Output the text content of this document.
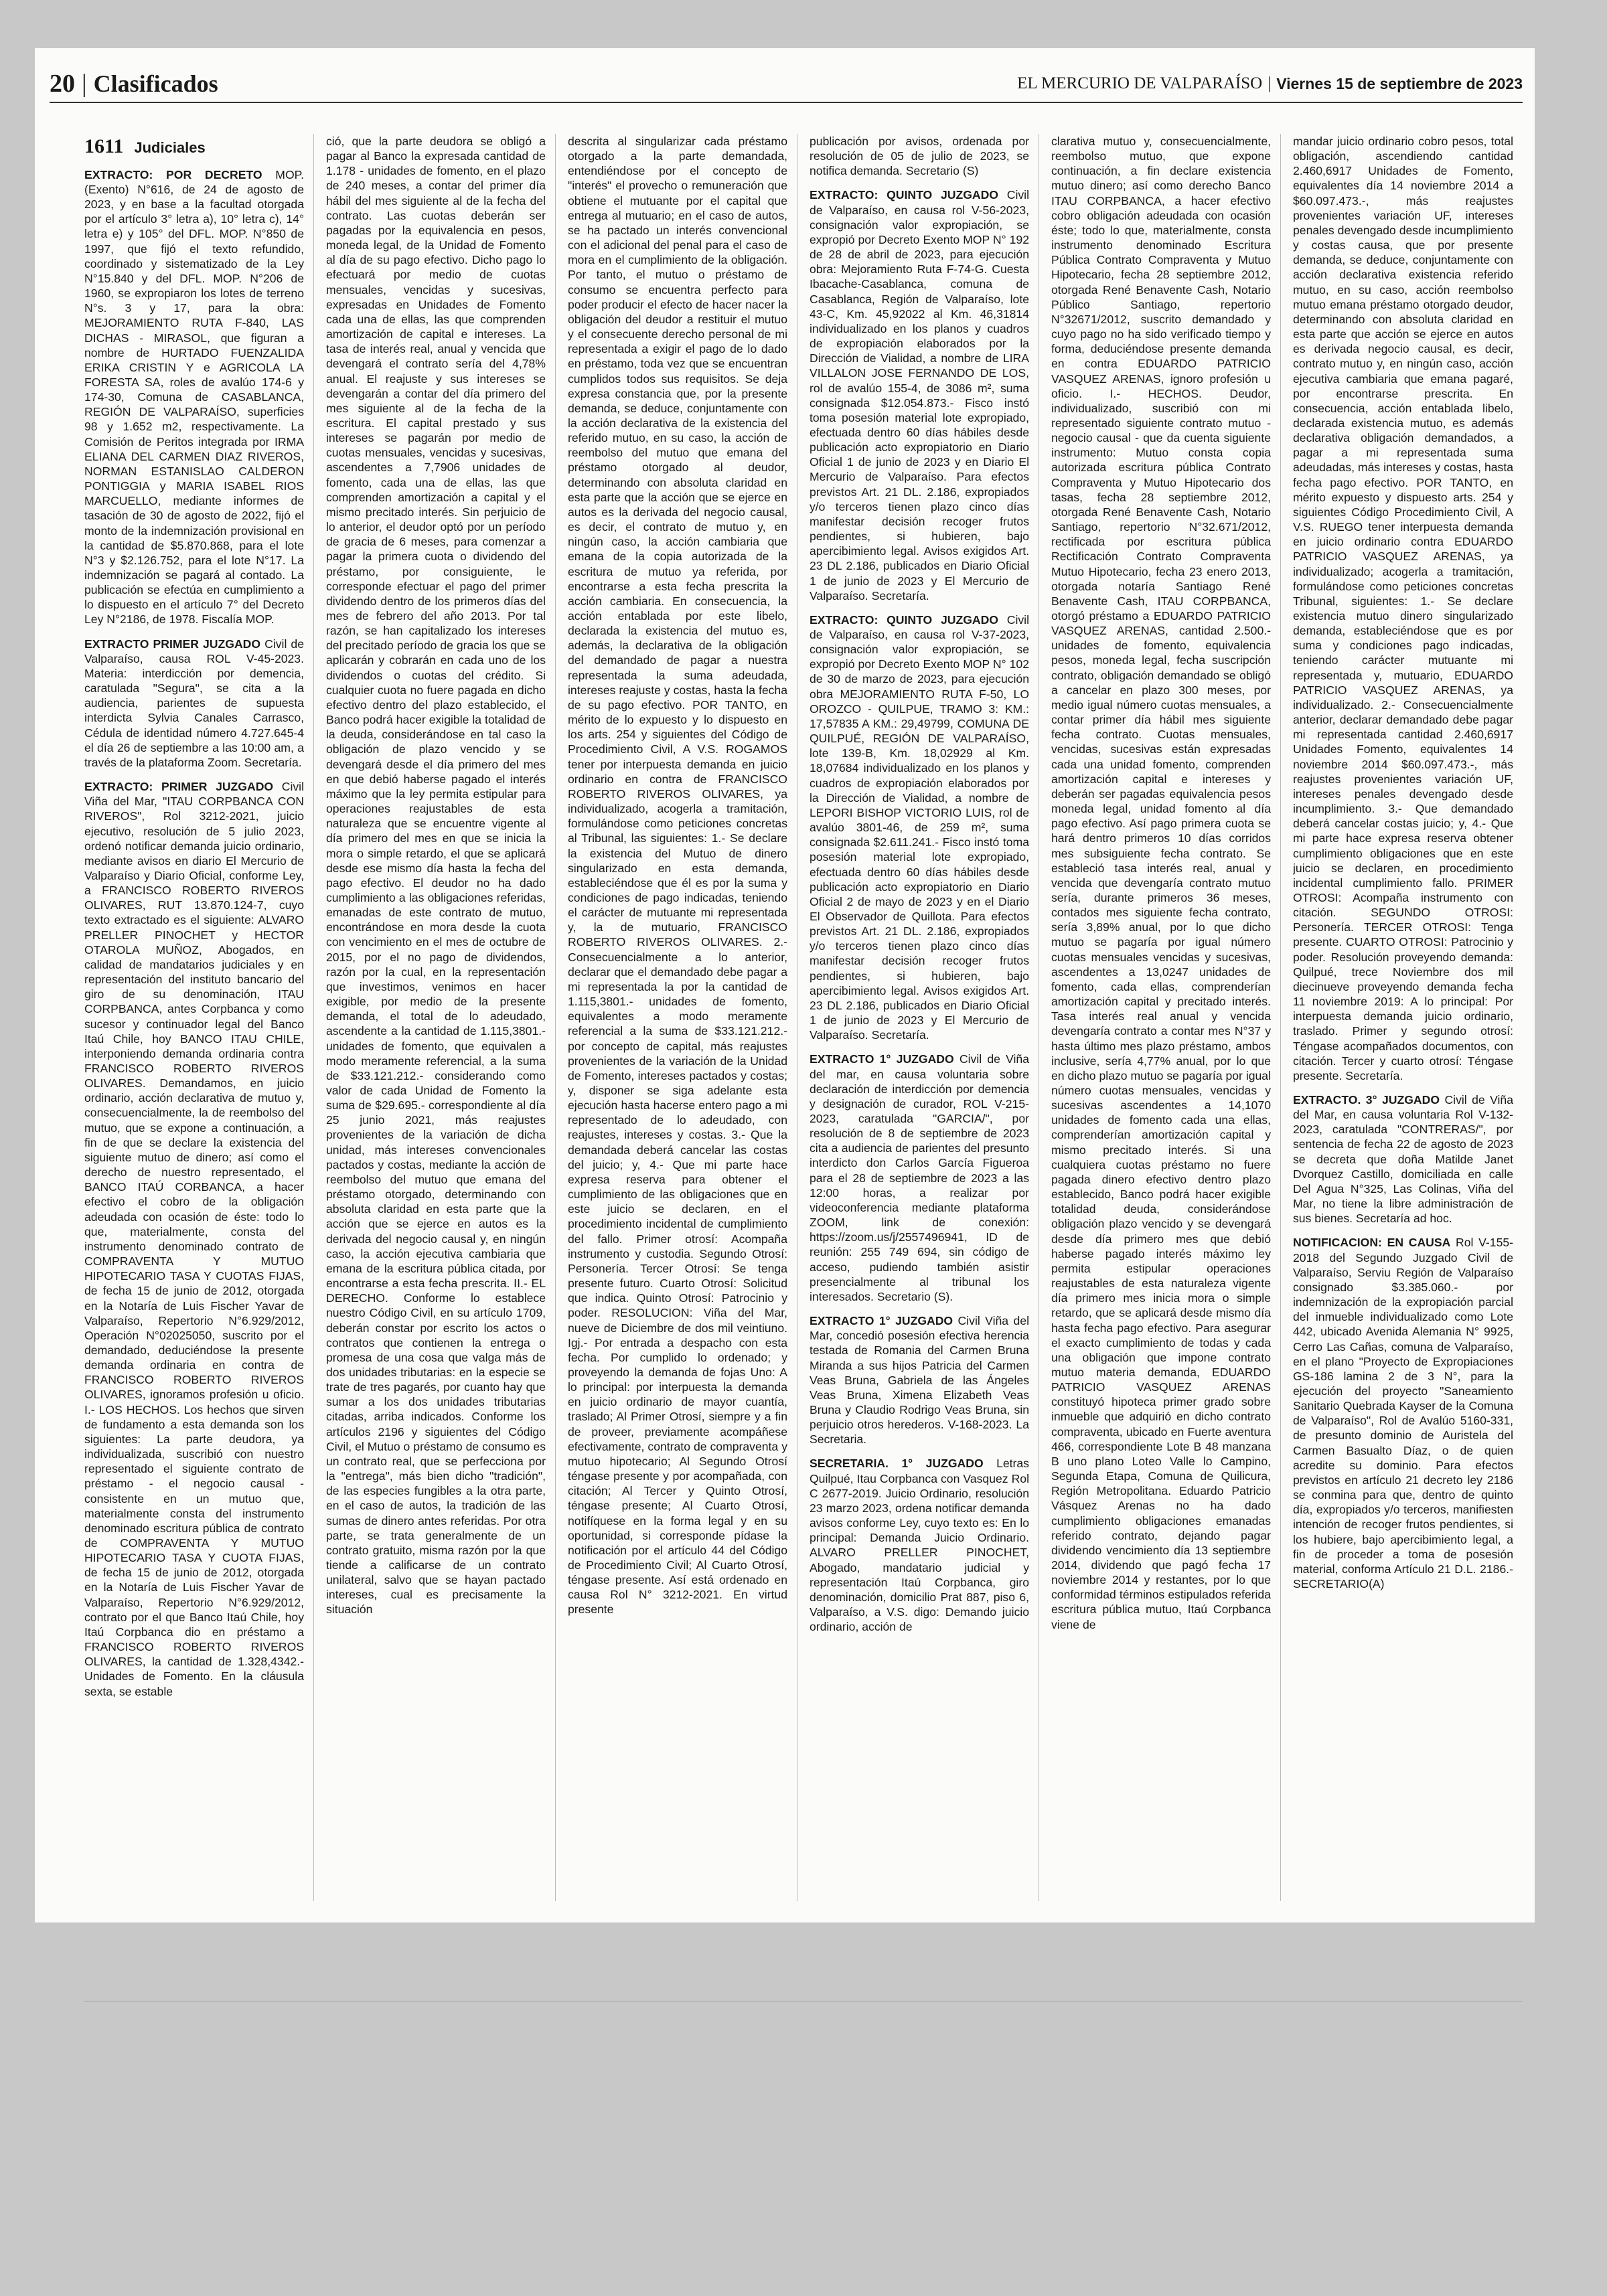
20 | Clasificados	EL MERCURIO DE VALPARAÍSO | Viernes 15 de septiembre de 2023
1611 Judiciales

EXTRACTO: POR DECRETO MOP. (Exento) N°616, de 24 de agosto de 2023, y en base a la facultad otorgada por el artículo 3° letra a), 10° letra c), 14° letra e) y 105° del DFL. MOP. N°850 de 1997, que fijó el texto refundido, coordinado y sistematizado de la Ley N°15.840 y del DFL. MOP. N°206 de 1960, se expropiaron los lotes de terreno N°s. 3 y 17, para la obra: MEJORAMIENTO RUTA F-840, LAS DICHAS - MIRASOL, que figuran a nombre de HURTADO FUENZALIDA ERIKA CRISTIN Y e AGRICOLA LA FORESTA SA, roles de avalúo 174-6 y 174-30, Comuna de CASABLANCA, REGIÓN DE VALPARAÍSO, superficies 98 y 1.652 m2, respectivamente. La Comisión de Peritos integrada por IRMA ELIANA DEL CARMEN DIAZ RIVEROS, NORMAN ESTANISLAO CALDERON PONTIGGIA y MARIA ISABEL RIOS MARCUELLO, mediante informes de tasación de 30 de agosto de 2022, fijó el monto de la indemnización provisional en la cantidad de $5.870.868, para el lote N°3 y $2.126.752, para el lote N°17. La indemnización se pagará al contado. La publicación se efectúa en cumplimiento a lo dispuesto en el artículo 7° del Decreto Ley N°2186, de 1978. Fiscalía MOP.

EXTRACTO PRIMER JUZGADO Civil de Valparaíso, causa ROL V-45-2023. Materia: interdicción por demencia, caratulada "Segura", se cita a la audiencia, parientes de supuesta interdicta Sylvia Canales Carrasco, Cédula de identidad número 4.727.645-4 el día 26 de septiembre a las 10:00 am, a través de la plataforma Zoom. Secretaría.

EXTRACTO: PRIMER JUZGADO Civil Viña del Mar, "ITAU CORPBANCA CON RIVEROS", Rol 3212-2021, juicio ejecutivo, resolución de 5 julio 2023, ordenó notificar demanda juicio ordinario, mediante avisos en diario El Mercurio de Valparaíso y Diario Oficial, conforme Ley, a FRANCISCO ROBERTO RIVEROS OLIVARES, RUT 13.870.124-7, cuyo texto extractado es el siguiente: ALVARO PRELLER PINOCHET y HECTOR OTAROLA MUÑOZ, Abogados, en calidad de mandatarios judiciales y en representación del instituto bancario del giro de su denominación, ITAU CORPBANCA, antes Corpbanca y como sucesor y continuador legal del Banco Itaú Chile, hoy BANCO ITAU CHILE, interponiendo demanda ordinaria contra FRANCISCO ROBERTO RIVEROS OLIVARES. Demandamos, en juicio ordinario, acción declarativa de mutuo y, consecuencialmente, la de reembolso del mutuo, que se expone a continuación, a fin de que se declare la existencia del siguiente mutuo de dinero; así como el derecho de nuestro representado, el BANCO ITAÚ CORBANCA, a hacer efectivo el cobro de la obligación adeudada con ocasión de éste: todo lo que, materialmente, consta del instrumento denominado contrato de COMPRAVENTA Y MUTUO HIPOTECARIO TASA Y CUOTAS FIJAS, de fecha 15 de junio de 2012, otorgada en la Notaría de Luis Fischer Yavar de Valparaíso, Repertorio N°6.929/2012, Operación N°02025050, suscrito por el demandado, deduciéndose la presente demanda ordinaria en contra de FRANCISCO ROBERTO RIVEROS OLIVARES, ignoramos profesión u oficio. I.- LOS HECHOS. Los hechos que sirven de fundamento a esta demanda son los siguientes: La parte deudora, ya individualizada, suscribió con nuestro representado el siguiente contrato de préstamo - el negocio causal - consistente en un mutuo que, materialmente consta del instrumento denominado escritura pública de contrato de COMPRAVENTA Y MUTUO HIPOTECARIO TASA Y CUOTA FIJAS, de fecha 15 de junio de 2012, otorgada en la Notaría de Luis Fischer Yavar de Valparaíso, Repertorio N°6.929/2012, contrato por el que Banco Itaú Chile, hoy Itaú Corpbanca dio en préstamo a FRANCISCO ROBERTO RIVEROS OLIVARES, la cantidad de 1.328,4342.- Unidades de Fomento. En la cláusula sexta, se estable

ció, que la parte deudora se obligó a pagar al Banco la expresada cantidad de 1.178 - unidades de fomento, en el plazo de 240 meses, a contar del primer día hábil del mes siguiente al de la fecha del contrato. Las cuotas deberán ser pagadas por la equivalencia en pesos, moneda legal, de la Unidad de Fomento al día de su pago efectivo. Dicho pago lo efectuará por medio de cuotas mensuales, vencidas y sucesivas, expresadas en Unidades de Fomento cada una de ellas, las que comprenden amortización de capital e intereses. La tasa de interés real, anual y vencida que devengará el contrato sería del 4,78% anual. El reajuste y sus intereses se devengarán a contar del día primero del mes siguiente al de la fecha de la escritura. El capital prestado y sus intereses se pagarán por medio de cuotas mensuales, vencidas y sucesivas, ascendentes a 7,7906 unidades de fomento, cada una de ellas, las que comprenden amortización a capital y el mismo precitado interés. Sin perjuicio de lo anterior, el deudor optó por un período de gracia de 6 meses, para comenzar a pagar la primera cuota o dividendo del préstamo, por consiguiente, le corresponde efectuar el pago del primer dividendo dentro de los primeros días del mes de febrero del año 2013. Por tal razón, se han capitalizado los intereses del precitado período de gracia los que se aplicarán y cobrarán en cada uno de los dividendos o cuotas del crédito. Si cualquier cuota no fuere pagada en dicho efectivo dentro del plazo establecido, el Banco podrá hacer exigible la totalidad de la deuda, considerándose en tal caso la obligación de plazo vencido y se devengará desde el día primero del mes en que debió haberse pagado el interés máximo que la ley permita estipular para operaciones reajustables de esta naturaleza que se encuentre vigente al día primero del mes en que se inicia la mora o simple retardo, el que se aplicará desde ese mismo día hasta la fecha del pago efectivo. El deudor no ha dado cumplimiento a las obligaciones referidas, emanadas de este contrato de mutuo, encontrándose en mora desde la cuota con vencimiento en el mes de octubre de 2015, por el no pago de dividendos, razón por la cual, en la representación que investimos, venimos en hacer exigible, por medio de la presente demanda, el total de lo adeudado, ascendente a la cantidad de 1.115,3801.- unidades de fomento, que equivalen a modo meramente referencial, a la suma de $33.121.212.- considerando como valor de cada Unidad de Fomento la suma de $29.695.- correspondiente al día 25 junio 2021, más reajustes provenientes de la variación de dicha unidad, más intereses convencionales pactados y costas, mediante la acción de reembolso del mutuo que emana del préstamo otorgado, determinando con absoluta claridad en esta parte que la acción que se ejerce en autos es la derivada del negocio causal y, en ningún caso, la acción ejecutiva cambiaria que emana de la escritura pública citada, por encontrarse a esta fecha prescrita. II.- EL DERECHO. Conforme lo establece nuestro Código Civil, en su artículo 1709, deberán constar por escrito los actos o contratos que contienen la entrega o promesa de una cosa que valga más de dos unidades tributarias: en la especie se trate de tres pagarés, por cuanto hay que sumar a los dos unidades tributarias citadas, arriba indicados. Conforme los artículos 2196 y siguientes del Código Civil, el Mutuo o préstamo de consumo es un contrato real, que se perfecciona por la "entrega", más bien dicho "tradición", de las especies fungibles a la otra parte, en el caso de autos, la tradición de las sumas de dinero antes referidas. Por otra parte, se trata generalmente de un contrato gratuito, misma razón por la que tiende a calificarse de un contrato unilateral, salvo que se hayan pactado intereses, cual es precisamente la situación

descrita al singularizar cada préstamo otorgado a la parte demandada, entendiéndose por el concepto de "interés" el provecho o remuneración que obtiene el mutuante por el capital que entrega al mutuario; en el caso de autos, se ha pactado un interés convencional con el adicional del penal para el caso de mora en el cumplimiento de la obligación. Por tanto, el mutuo o préstamo de consumo se encuentra perfecto para poder producir el efecto de hacer nacer la obligación del deudor a restituir el mutuo y el consecuente derecho personal de mi representada a exigir el pago de lo dado en préstamo, toda vez que se encuentran cumplidos todos sus requisitos. Se deja expresa constancia que, por la presente demanda, se deduce, conjuntamente con la acción declarativa de la existencia del referido mutuo, en su caso, la acción de reembolso del mutuo que emana del préstamo otorgado al deudor, determinando con absoluta claridad en esta parte que la acción que se ejerce en autos es la derivada del negocio causal, es decir, el contrato de mutuo y, en ningún caso, la acción cambiaria que emana de la copia autorizada de la escritura de mutuo ya referida, por encontrarse a esta fecha prescrita la acción cambiaria. En consecuencia, la acción entablada por este libelo, declarada la existencia del mutuo es, además, la declarativa de la obligación del demandado de pagar a nuestra representada la suma adeudada, intereses reajuste y costas, hasta la fecha de su pago efectivo. POR TANTO, en mérito de lo expuesto y lo dispuesto en los arts. 254 y siguientes del Código de Procedimiento Civil, A V.S. ROGAMOS tener por interpuesta demanda en juicio ordinario en contra de FRANCISCO ROBERTO RIVEROS OLIVARES, ya individualizado, acogerla a tramitación, formulándose como peticiones concretas al Tribunal, las siguientes: 1.- Se declare la existencia del Mutuo de dinero singularizado en esta demanda, estableciéndose que él es por la suma y condiciones de pago indicadas, teniendo el carácter de mutuante mi representada y, la de mutuario, FRANCISCO ROBERTO RIVEROS OLIVARES. 2.- Consecuencialmente a lo anterior, declarar que el demandado debe pagar a mi representada la por la cantidad de 1.115,3801.- unidades de fomento, equivalentes a modo meramente referencial a la suma de $33.121.212.- por concepto de capital, más reajustes provenientes de la variación de la Unidad de Fomento, intereses pactados y costas; y, disponer se siga adelante esta ejecución hasta hacerse entero pago a mi representado de lo adeudado, con reajustes, intereses y costas. 3.- Que la demandada deberá cancelar las costas del juicio; y, 4.- Que mi parte hace expresa reserva para obtener el cumplimiento de las obligaciones que en este juicio se declaren, en el procedimiento incidental de cumplimiento del fallo. Primer otrosí: Acompaña instrumento y custodia. Segundo Otrosí: Personería. Tercer Otrosí: Se tenga presente futuro. Cuarto Otrosí: Solicitud que indica. Quinto Otrosí: Patrocinio y poder. RESOLUCION: Viña del Mar, nueve de Diciembre de dos mil veintiuno. Igj.- Por entrada a despacho con esta fecha. Por cumplido lo ordenado; y proveyendo la demanda de fojas Uno: A lo principal: por interpuesta la demanda en juicio ordinario de mayor cuantía, traslado; Al Primer Otrosí, siempre y a fin de proveer, previamente acompáñese efectivamente, contrato de compraventa y mutuo hipotecario; Al Segundo Otrosí téngase presente y por acompañada, con citación; Al Tercer y Quinto Otrosí, téngase presente; Al Cuarto Otrosí, notifíquese en la forma legal y en su oportunidad, si corresponde pídase la notificación por el artículo 44 del Código de Procedimiento Civil; Al Cuarto Otrosí, téngase presente. Así está ordenado en causa Rol N° 3212-2021. En virtud presente

publicación por avisos, ordenada por resolución de 05 de julio de 2023, se notifica demanda. Secretario (S)

EXTRACTO: QUINTO JUZGADO Civil de Valparaíso, en causa rol V-56-2023, consignación valor expropiación, se expropió por Decreto Exento MOP N° 192 de 28 de abril de 2023, para ejecución obra: Mejoramiento Ruta F-74-G. Cuesta Ibacache-Casablanca, comuna de Casablanca, Región de Valparaíso, lote 43-C, Km. 45,92022 al Km. 46,31814 individualizado en los planos y cuadros de expropiación elaborados por la Dirección de Vialidad, a nombre de LIRA VILLALON JOSE FERNANDO DE LOS, rol de avalúo 155-4, de 3086 m², suma consignada $12.054.873.- Fisco instó toma posesión material lote expropiado, efectuada dentro 60 días hábiles desde publicación acto expropiatorio en Diario Oficial 1 de junio de 2023 y en Diario El Mercurio de Valparaíso. Para efectos previstos Art. 21 DL. 2.186, expropiados y/o terceros tienen plazo cinco días manifestar decisión recoger frutos pendientes, si hubieren, bajo apercibimiento legal. Avisos exigidos Art. 23 DL 2.186, publicados en Diario Oficial 1 de junio de 2023 y El Mercurio de Valparaíso. Secretaría.

EXTRACTO: QUINTO JUZGADO Civil de Valparaíso, en causa rol V-37-2023, consignación valor expropiación, se expropió por Decreto Exento MOP N° 102 de 30 de marzo de 2023, para ejecución obra MEJORAMIENTO RUTA F-50, LO OROZCO - QUILPUE, TRAMO 3: KM.: 17,57835 A KM.: 29,49799, COMUNA DE QUILPUÉ, REGIÓN DE VALPARAÍSO, lote 139-B, Km. 18,02929 al Km. 18,07684 individualizado en los planos y cuadros de expropiación elaborados por la Dirección de Vialidad, a nombre de LEPORI BISHOP VICTORIO LUIS, rol de avalúo 3801-46, de 259 m², suma consignada $2.611.241.- Fisco instó toma posesión material lote expropiado, efectuada dentro 60 días hábiles desde publicación acto expropiatorio en Diario Oficial 2 de mayo de 2023 y en el Diario El Observador de Quillota. Para efectos previstos Art. 21 DL. 2.186, expropiados y/o terceros tienen plazo cinco días manifestar decisión recoger frutos pendientes, si hubieren, bajo apercibimiento legal. Avisos exigidos Art. 23 DL 2.186, publicados en Diario Oficial 1 de junio de 2023 y El Mercurio de Valparaíso. Secretaría.

EXTRACTO 1° JUZGADO Civil de Viña del mar, en causa voluntaria sobre declaración de interdicción por demencia y designación de curador, ROL V-215-2023, caratulada "GARCIA/", por resolución de 8 de septiembre de 2023 cita a audiencia de parientes del presunto interdicto don Carlos García Figueroa para el 28 de septiembre de 2023 a las 12:00 horas, a realizar por videoconferencia mediante plataforma ZOOM, link de conexión: https://zoom.us/j/2557496941, ID de reunión: 255 749 694, sin código de acceso, pudiendo también asistir presencialmente al tribunal los interesados. Secretario (S).

EXTRACTO 1° JUZGADO Civil Viña del Mar, concedió posesión efectiva herencia testada de Romania del Carmen Bruna Miranda a sus hijos Patricia del Carmen Veas Bruna, Gabriela de las Ángeles Veas Bruna, Ximena Elizabeth Veas Bruna y Claudio Rodrigo Veas Bruna, sin perjuicio otros herederos. V-168-2023. La Secretaria.

SECRETARIA. 1° JUZGADO Letras Quilpué, Itau Corpbanca con Vasquez Rol C 2677-2019. Juicio Ordinario, resolución 23 marzo 2023, ordena notificar demanda avisos conforme Ley, cuyo texto es: En lo principal: Demanda Juicio Ordinario. ALVARO PRELLER PINOCHET, Abogado, mandatario judicial y representación Itaú Corpbanca, giro denominación, domicilio Prat 887, piso 6, Valparaíso, a V.S. digo: Demando juicio ordinario, acción de

clarativa mutuo y, consecuencialmente, reembolso mutuo, que expone continuación, a fin declare existencia mutuo dinero; así como derecho Banco ITAU CORPBANCA, a hacer efectivo cobro obligación adeudada con ocasión éste; todo lo que, materialmente, consta instrumento denominado Escritura Pública Contrato Compraventa y Mutuo Hipotecario, fecha 28 septiembre 2012, otorgada René Benavente Cash, Notario Público Santiago, repertorio N°32671/2012, suscrito demandado y cuyo pago no ha sido verificado tiempo y forma, deduciéndose presente demanda en contra EDUARDO PATRICIO VASQUEZ ARENAS, ignoro profesión u oficio. I.- HECHOS. Deudor, individualizado, suscribió con mi representado siguiente contrato mutuo - negocio causal - que da cuenta siguiente instrumento: Mutuo consta copia autorizada escritura pública Contrato Compraventa y Mutuo Hipotecario dos tasas, fecha 28 septiembre 2012, otorgada René Benavente Cash, Notario Santiago, repertorio N°32.671/2012, rectificada por escritura pública Rectificación Contrato Compraventa Mutuo Hipotecario, fecha 23 enero 2013, otorgada notaría Santiago René Benavente Cash, ITAU CORPBANCA, otorgó préstamo a EDUARDO PATRICIO VASQUEZ ARENAS, cantidad 2.500.- unidades de fomento, equivalencia pesos, moneda legal, fecha suscripción contrato, obligación demandado se obligó a cancelar en plazo 300 meses, por medio igual número cuotas mensuales, a contar primer día hábil mes siguiente fecha contrato. Cuotas mensuales, vencidas, sucesivas están expresadas cada una unidad fomento, comprenden amortización capital e intereses y deberán ser pagadas equivalencia pesos moneda legal, unidad fomento al día pago efectivo. Así pago primera cuota se hará dentro primeros 10 días corridos mes subsiguiente fecha contrato. Se estableció tasa interés real, anual y vencida que devengaría contrato mutuo sería, durante primeros 36 meses, contados mes siguiente fecha contrato, sería 3,89% anual, por lo que dicho mutuo se pagaría por igual número cuotas mensuales vencidas y sucesivas, ascendentes a 13,0247 unidades de fomento, cada ellas, comprenderían amortización capital y precitado interés. Tasa interés real anual y vencida devengaría contrato a contar mes N°37 y hasta último mes plazo préstamo, ambos inclusive, sería 4,77% anual, por lo que en dicho plazo mutuo se pagaría por igual número cuotas mensuales, vencidas y sucesivas ascendentes a 14,1070 unidades de fomento cada una ellas, comprenderían amortización capital y mismo precitado interés. Si una cualquiera cuotas préstamo no fuere pagada dinero efectivo dentro plazo establecido, Banco podrá hacer exigible totalidad deuda, considerándose obligación plazo vencido y se devengará desde día primero mes que debió haberse pagado interés máximo ley permita estipular operaciones reajustables de esta naturaleza vigente día primero mes inicia mora o simple retardo, que se aplicará desde mismo día hasta fecha pago efectivo. Para asegurar el exacto cumplimiento de todas y cada una obligación que impone contrato mutuo materia demanda, EDUARDO PATRICIO VASQUEZ ARENAS constituyó hipoteca primer grado sobre inmueble que adquirió en dicho contrato compraventa, ubicado en Fuerte aventura 466, correspondiente Lote B 48 manzana B uno plano Loteo Valle lo Campino, Segunda Etapa, Comuna de Quilicura, Región Metropolitana. Eduardo Patricio Vásquez Arenas no ha dado cumplimiento obligaciones emanadas referido contrato, dejando pagar dividendo vencimiento día 13 septiembre 2014, dividendo que pagó fecha 17 noviembre 2014 y restantes, por lo que conformidad términos estipulados referida escritura pública mutuo, Itaú Corpbanca viene de

mandar juicio ordinario cobro pesos, total obligación, ascendiendo cantidad 2.460,6917 Unidades de Fomento, equivalentes día 14 noviembre 2014 a $60.097.473.-, más reajustes provenientes variación UF, intereses penales devengado desde incumplimiento y costas causa, que por presente demanda, se deduce, conjuntamente con acción declarativa existencia referido mutuo, en su caso, acción reembolso mutuo emana préstamo otorgado deudor, determinando con absoluta claridad en esta parte que acción se ejerce en autos es derivada negocio causal, es decir, contrato mutuo y, en ningún caso, acción ejecutiva cambiaria que emana pagaré, por encontrarse prescrita. En consecuencia, acción entablada libelo, declarada existencia mutuo, es además declarativa obligación demandados, a pagar a mi representada suma adeudadas, más intereses y costas, hasta fecha pago efectivo. POR TANTO, en mérito expuesto y dispuesto arts. 254 y siguientes Código Procedimiento Civil, A V.S. RUEGO tener interpuesta demanda en juicio ordinario contra EDUARDO PATRICIO VASQUEZ ARENAS, ya individualizado; acogerla a tramitación, formulándose como peticiones concretas Tribunal, siguientes: 1.- Se declare existencia mutuo dinero singularizado demanda, estableciéndose que es por suma y condiciones pago indicadas, teniendo carácter mutuante mi representada y, mutuario, EDUARDO PATRICIO VASQUEZ ARENAS, ya individualizado. 2.- Consecuencialmente anterior, declarar demandado debe pagar mi representada cantidad 2.460,6917 Unidades Fomento, equivalentes 14 noviembre 2014 $60.097.473.-, más reajustes provenientes variación UF, intereses penales devengado desde incumplimiento. 3.- Que demandado deberá cancelar costas juicio; y, 4.- Que mi parte hace expresa reserva obtener cumplimiento obligaciones que en este juicio se declaren, en procedimiento incidental cumplimiento fallo. PRIMER OTROSI: Acompaña instrumento con citación. SEGUNDO OTROSI: Personería. TERCER OTROSI: Tenga presente. CUARTO OTROSI: Patrocinio y poder. Resolución proveyendo demanda: Quilpué, trece Noviembre dos mil diecinueve proveyendo demanda fecha 11 noviembre 2019: A lo principal: Por interpuesta demanda juicio ordinario, traslado. Primer y segundo otrosí: Téngase acompañados documentos, con citación. Tercer y cuarto otrosí: Téngase presente. Secretaría.

EXTRACTO. 3° JUZGADO Civil de Viña del Mar, en causa voluntaria Rol V-132-2023, caratulada "CONTRERAS/", por sentencia de fecha 22 de agosto de 2023 se decreta que doña Matilde Janet Dvorquez Castillo, domiciliada en calle Del Agua N°325, Las Colinas, Viña del Mar, no tiene la libre administración de sus bienes. Secretaría ad hoc.

NOTIFICACION: EN CAUSA Rol V-155-2018 del Segundo Juzgado Civil de Valparaíso, Serviu Región de Valparaíso consignado $3.385.060.- por indemnización de la expropiación parcial del inmueble individualizado como Lote 442, ubicado Avenida Alemania N° 9925, Cerro Las Cañas, comuna de Valparaíso, en el plano "Proyecto de Expropiaciones GS-186 lamina 2 de 3 N°, para la ejecución del proyecto "Saneamiento Sanitario Quebrada Kayser de la Comuna de Valparaíso", Rol de Avalúo 5160-331, de presunto dominio de Auristela del Carmen Basualto Díaz, o de quien acredite su dominio. Para efectos previstos en artículo 21 decreto ley 2186 se conmina para que, dentro de quinto día, expropiados y/o terceros, manifiesten intención de recoger frutos pendientes, si los hubiere, bajo apercibimiento legal, a fin de proceder a toma de posesión material, conforma Artículo 21 D.L. 2186.- SECRETARIO(A)
